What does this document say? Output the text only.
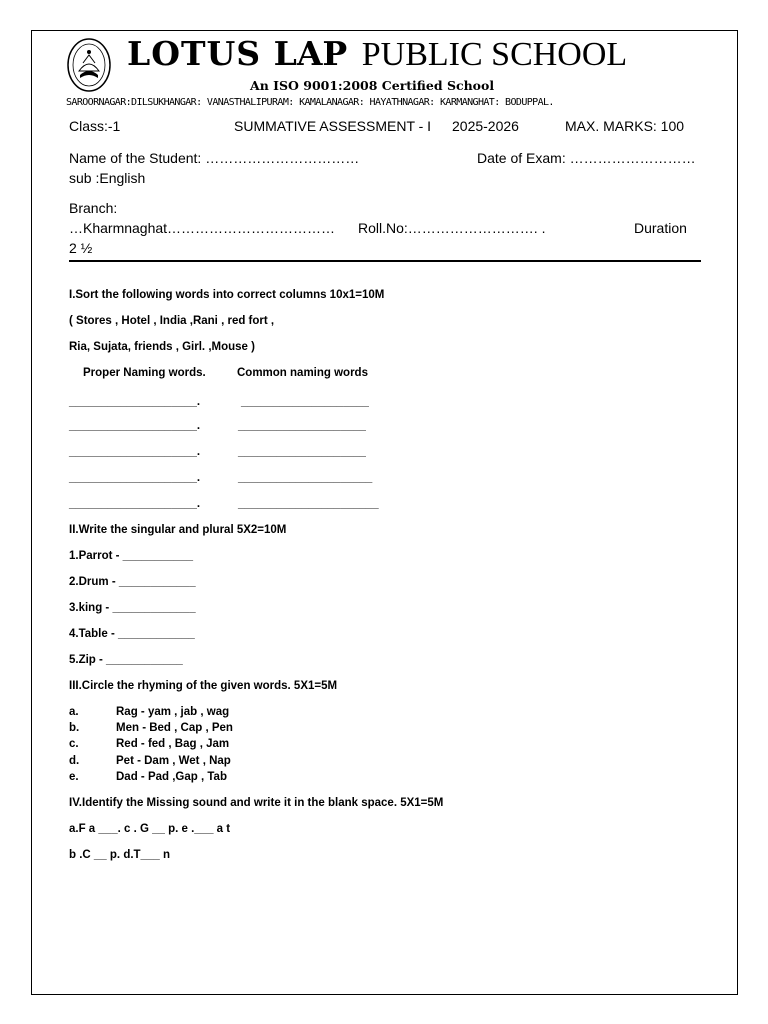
LOTUS LAP PUBLIC SCHOOL
An ISO 9001:2008 Certified School
SAROORNAGAR:DILSUKHANGAR: VANASTHALIPURAM: KAMALANAGAR: HAYATHNAGAR: KARMANGHAT: BODUPPAL.
Class:-1	SUMMATIVE ASSESSMENT - I 2025-2026	MAX. MARKS: 100
Name of the Student: ……………………………	Date of Exam: ………………………
sub :English
Branch:
…Kharmnaghat……………………………… Roll.No:………………………. .	Duration
2 ½
I.Sort the following words into correct columns 10x1=10M
( Stores , Hotel , India ,Rani , red fort ,
Ria, Sujata, friends , Girl. ,Mouse )
Proper Naming words.	Common naming words
____________________.	____________________
____________________.	____________________
____________________.	____________________
____________________.	_____________________
____________________.	______________________
II.Write the singular and plural 5X2=10M
1.Parrot - ___________
2.Drum - ____________
3.king - _____________
4.Table - ____________
5.Zip - ____________
III.Circle the rhyming of the given words. 5X1=5M
a.	Rag - yam , jab , wag
b.	Men - Bed , Cap , Pen
c.	Red - fed , Bag , Jam
d.	Pet - Dam , Wet , Nap
e.	Dad - Pad ,Gap , Tab
IV.Identify the Missing sound and write it in the blank space. 5X1=5M
a.F a ___. c . G __ p. e .___ a t
b .C __ p. d.T___ n
